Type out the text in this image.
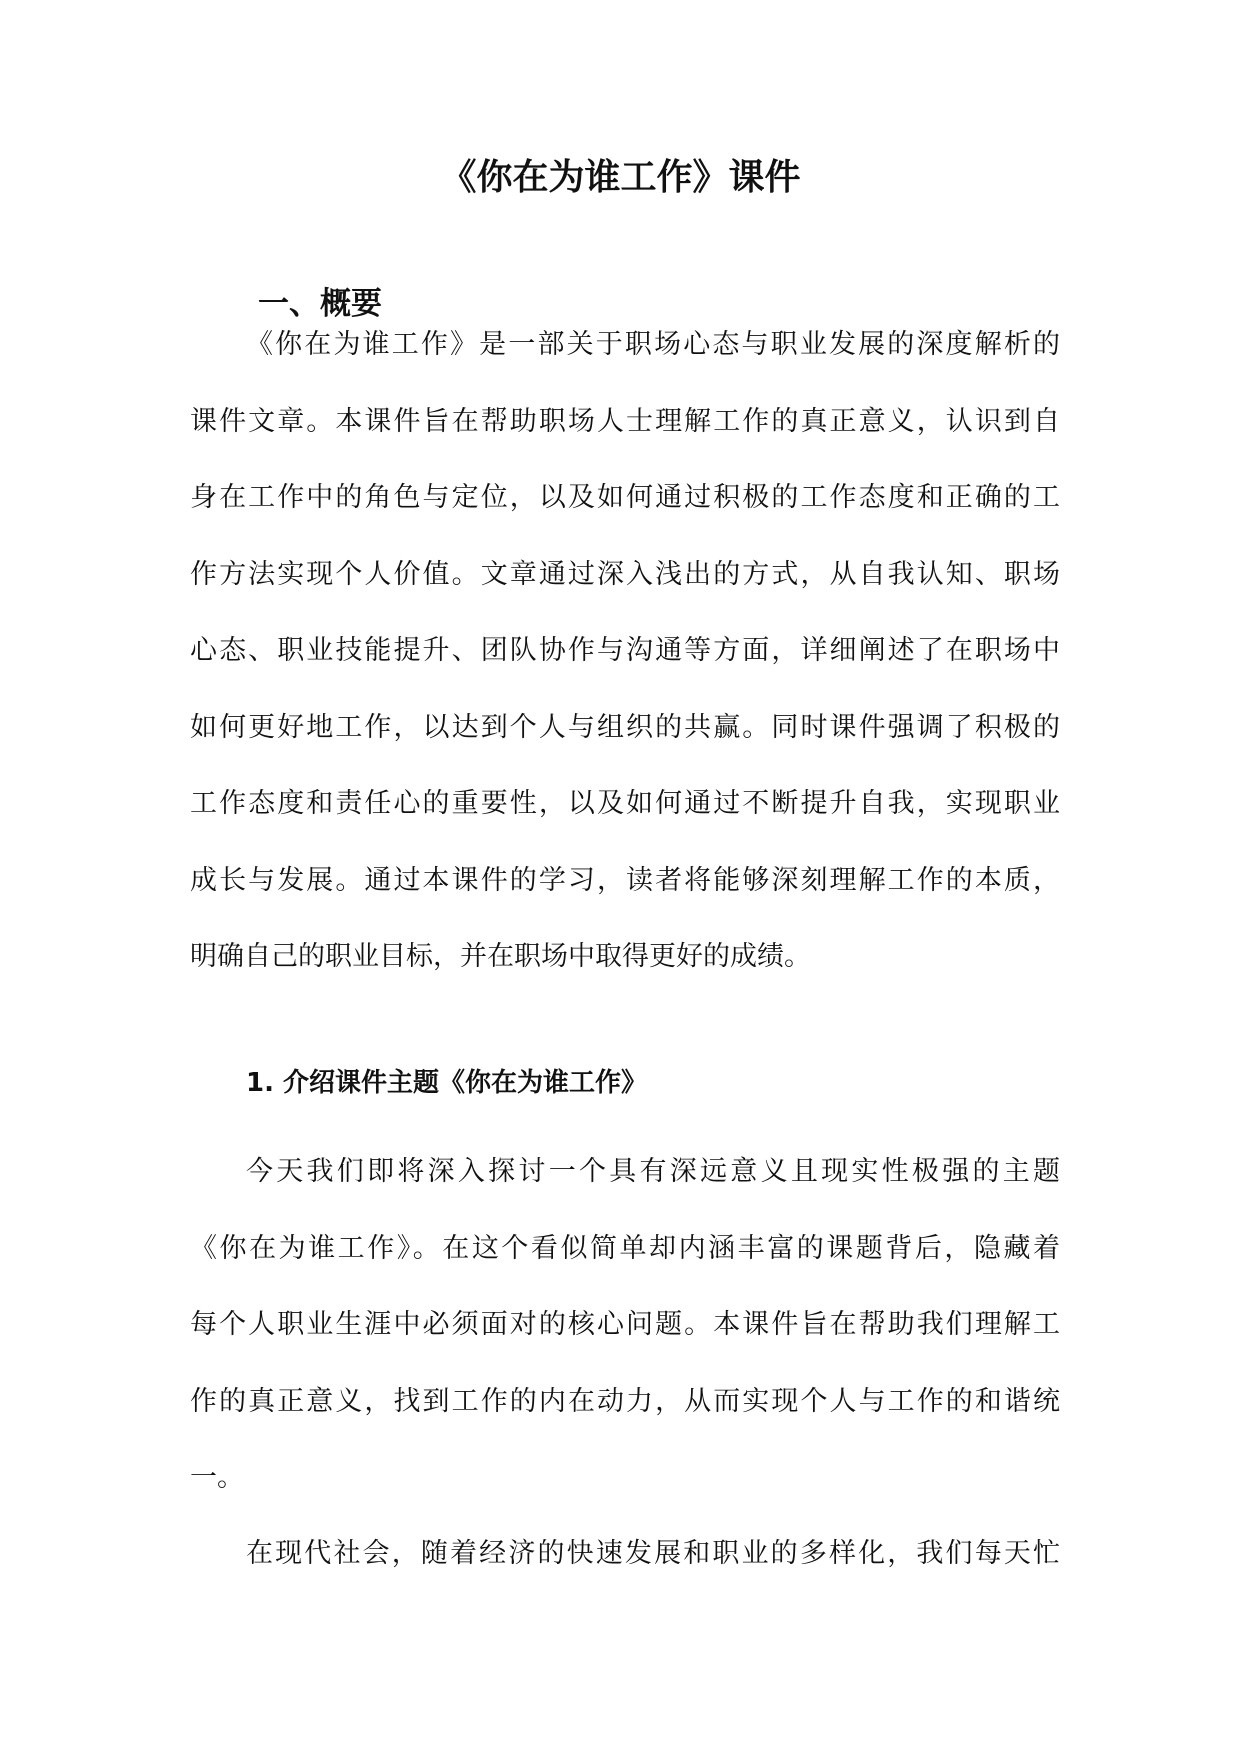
《你在为谁工作》课件
一、概要
《你在为谁工作》是一部关于职场心态与职业发展的深度解析的
课件文章。本课件旨在帮助职场人士理解工作的真正意义，认识到自
身在工作中的角色与定位，以及如何通过积极的工作态度和正确的工
作方法实现个人价值。文章通过深入浅出的方式，从自我认知、职场
心态、职业技能提升、团队协作与沟通等方面，详细阐述了在职场中
如何更好地工作，以达到个人与组织的共赢。同时课件强调了积极的
工作态度和责任心的重要性，以及如何通过不断提升自我，实现职业
成长与发展。通过本课件的学习，读者将能够深刻理解工作的本质，
明确自己的职业目标，并在职场中取得更好的成绩。
1. 介绍课件主题《你在为谁工作》
今天我们即将深入探讨一个具有深远意义且现实性极强的主题
《你在为谁工作》。在这个看似简单却内涵丰富的课题背后，隐藏着
每个人职业生涯中必须面对的核心问题。本课件旨在帮助我们理解工
作的真正意义，找到工作的内在动力，从而实现个人与工作的和谐统
一。
在现代社会，随着经济的快速发展和职业的多样化，我们每天忙
